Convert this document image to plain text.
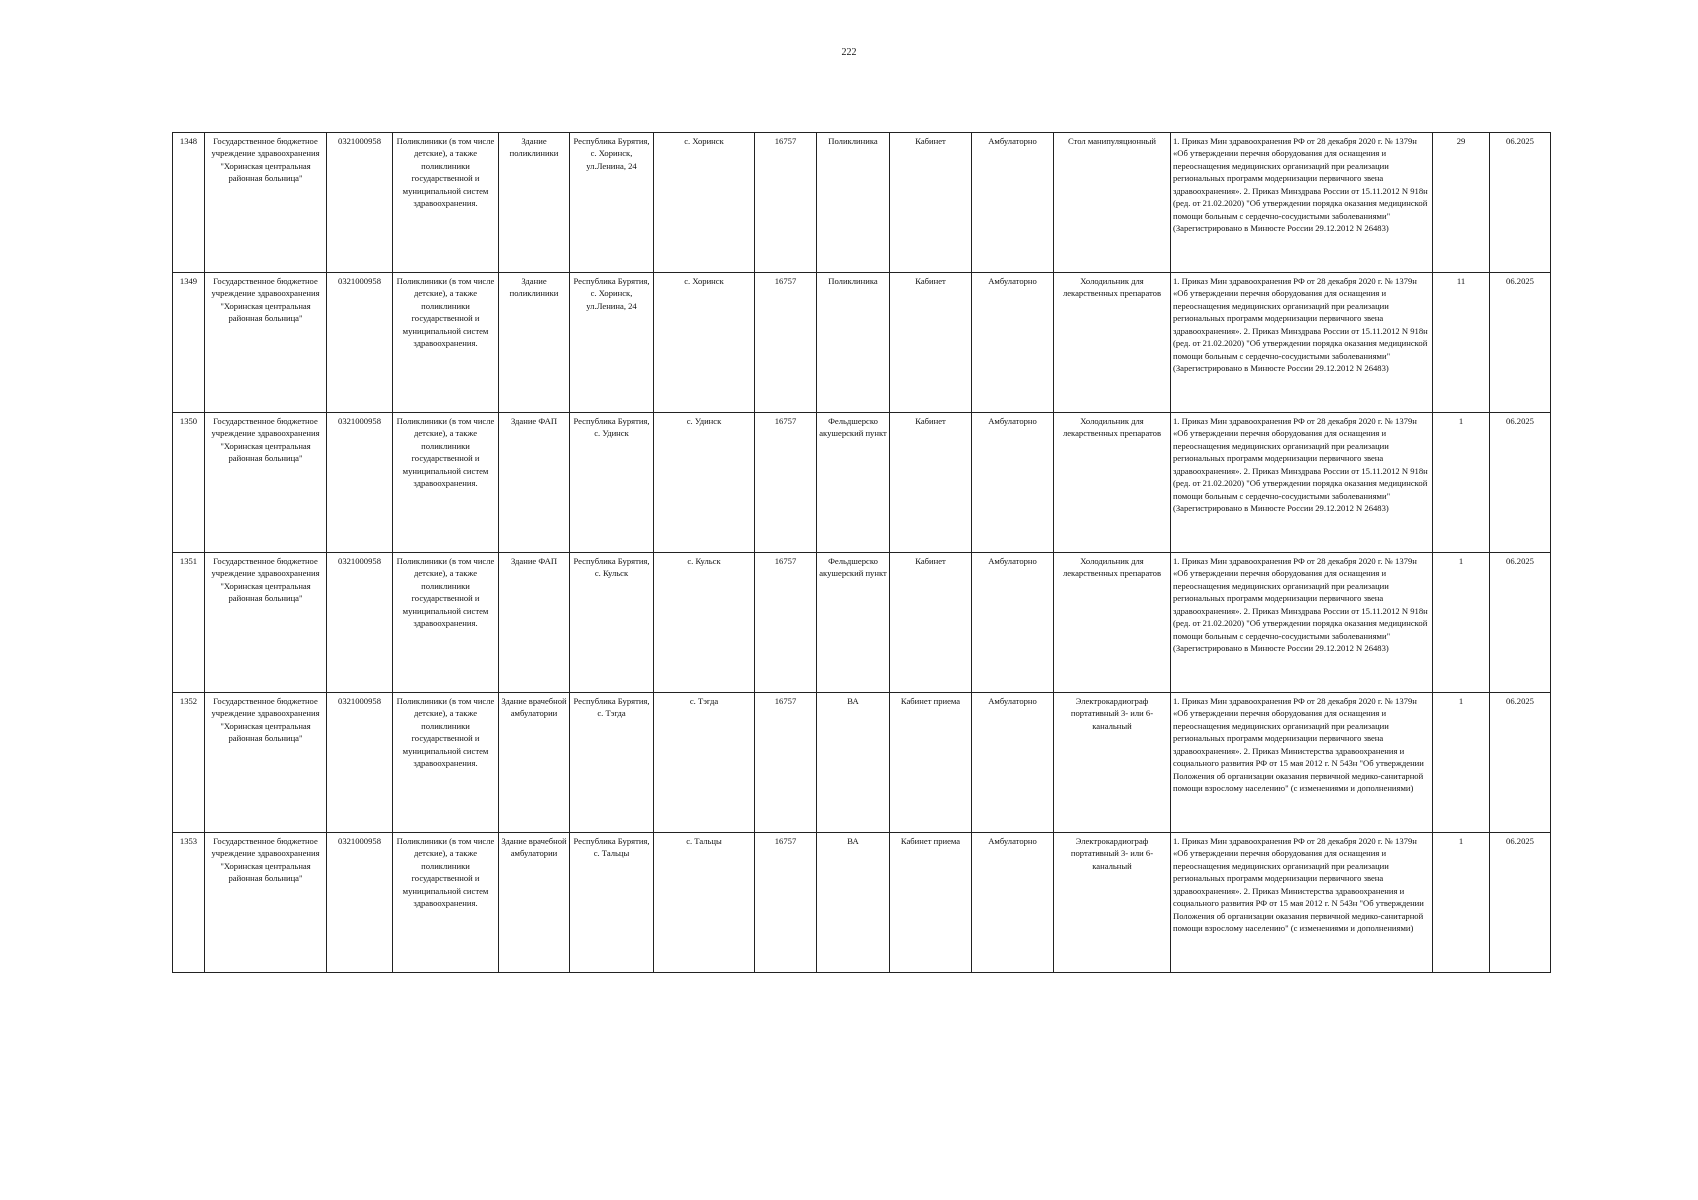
222
1348	Государственное бюджетное учреждение здравоохранения "Хоринская центральная районная больница"	0321000958	Поликлиники (в том числе детские), а также поликлиники государственной и муниципальной систем здравоохранения.	Здание поликлиники	Республика Бурятия, с. Хоринск, ул.Ленина, 24	с. Хоринск	16757	Поликлиника	Кабинет	Амбулаторно	Стол манипуляционный	1. Приказ Мин здравоохранения РФ от 28 декабря 2020 г. № 1379н «Об утверждении перечня оборудования для оснащения и переоснащения медицинских организаций при реализации региональных программ модернизации первичного звена здравоохранения». 2. Приказ Минздрава России от 15.11.2012 N 918н (ред. от 21.02.2020) "Об утверждении порядка оказания медицинской помощи больным с сердечно-сосудистыми заболеваниями" (Зарегистрировано в Минюсте России 29.12.2012 N 26483)	29	06.2025
1349	Государственное бюджетное учреждение здравоохранения "Хоринская центральная районная больница"	0321000958	Поликлиники (в том числе детские), а также поликлиники государственной и муниципальной систем здравоохранения.	Здание поликлиники	Республика Бурятия, с. Хоринск, ул.Ленина, 24	с. Хоринск	16757	Поликлиника	Кабинет	Амбулаторно	Холодильник для лекарственных препаратов	1. Приказ Мин здравоохранения РФ от 28 декабря 2020 г. № 1379н «Об утверждении перечня оборудования для оснащения и переоснащения медицинских организаций при реализации региональных программ модернизации первичного звена здравоохранения». 2. Приказ Минздрава России от 15.11.2012 N 918н (ред. от 21.02.2020) "Об утверждении порядка оказания медицинской помощи больным с сердечно-сосудистыми заболеваниями" (Зарегистрировано в Минюсте России 29.12.2012 N 26483)	11	06.2025
1350	Государственное бюджетное учреждение здравоохранения "Хоринская центральная районная больница"	0321000958	Поликлиники (в том числе детские), а также поликлиники государственной и муниципальной систем здравоохранения.	Здание ФАП	Республика Бурятия, с. Удинск	с. Удинск	16757	Фельдшерско акушерский пункт	Кабинет	Амбулаторно	Холодильник для лекарственных препаратов	1. Приказ Мин здравоохранения РФ от 28 декабря 2020 г. № 1379н «Об утверждении перечня оборудования для оснащения и переоснащения медицинских организаций при реализации региональных программ модернизации первичного звена здравоохранения». 2. Приказ Минздрава России от 15.11.2012 N 918н (ред. от 21.02.2020) "Об утверждении порядка оказания медицинской помощи больным с сердечно-сосудистыми заболеваниями" (Зарегистрировано в Минюсте России 29.12.2012 N 26483)	1	06.2025
1351	Государственное бюджетное учреждение здравоохранения "Хоринская центральная районная больница"	0321000958	Поликлиники (в том числе детские), а также поликлиники государственной и муниципальной систем здравоохранения.	Здание ФАП	Республика Бурятия, с. Кульск	с. Кульск	16757	Фельдшерско акушерский пункт	Кабинет	Амбулаторно	Холодильник для лекарственных препаратов	1. Приказ Мин здравоохранения РФ от 28 декабря 2020 г. № 1379н «Об утверждении перечня оборудования для оснащения и переоснащения медицинских организаций при реализации региональных программ модернизации первичного звена здравоохранения». 2. Приказ Минздрава России от 15.11.2012 N 918н (ред. от 21.02.2020) "Об утверждении порядка оказания медицинской помощи больным с сердечно-сосудистыми заболеваниями" (Зарегистрировано в Минюсте России 29.12.2012 N 26483)	1	06.2025
1352	Государственное бюджетное учреждение здравоохранения "Хоринская центральная районная больница"	0321000958	Поликлиники (в том числе детские), а также поликлиники государственной и муниципальной систем здравоохранения.	Здание врачебной амбулатории	Республика Бурятия, с. Тэгда	с. Тэгда	16757	ВА	Кабинет приема	Амбулаторно	Электрокардиограф портативный 3- или 6-канальный	1. Приказ Мин здравоохранения РФ от 28 декабря 2020 г. № 1379н «Об утверждении перечня оборудования для оснащения и переоснащения медицинских организаций при реализации региональных программ модернизации первичного звена здравоохранения». 2. Приказ Министерства здравоохранения и социального развития РФ от 15 мая 2012 г. N 543н "Об утверждении Положения об организации оказания первичной медико-санитарной помощи взрослому населению" (с изменениями и дополнениями)	1	06.2025
1353	Государственное бюджетное учреждение здравоохранения "Хоринская центральная районная больница"	0321000958	Поликлиники (в том числе детские), а также поликлиники государственной и муниципальной систем здравоохранения.	Здание врачебной амбулатории	Республика Бурятия, с. Тальцы	с. Тальцы	16757	ВА	Кабинет приема	Амбулаторно	Электрокардиограф портативный 3- или 6-канальный	1. Приказ Мин здравоохранения РФ от 28 декабря 2020 г. № 1379н «Об утверждении перечня оборудования для оснащения и переоснащения медицинских организаций при реализации региональных программ модернизации первичного звена здравоохранения». 2. Приказ Министерства здравоохранения и социального развития РФ от 15 мая 2012 г. N 543н "Об утверждении Положения об организации оказания первичной медико-санитарной помощи взрослому населению" (с изменениями и дополнениями)	1	06.2025
